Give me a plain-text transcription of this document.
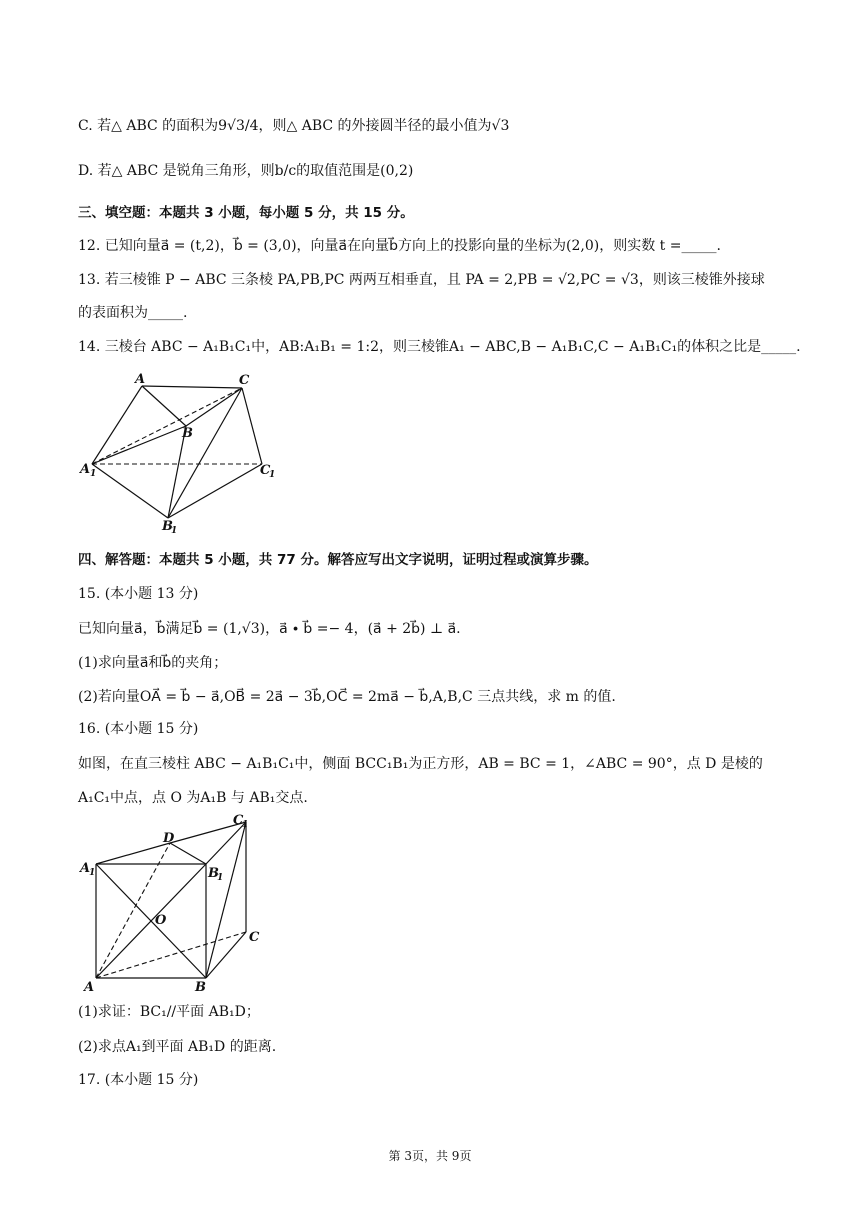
C. 若△ ABC 的面积为9√3/4，则△ ABC 的外接圆半径的最小值为√3
D. 若△ ABC 是锐角三角形，则b/c的取值范围是(0,2)
三、填空题：本题共 3 小题，每小题 5 分，共 15 分。
12. 已知向量a⃗ = (t,2)，b⃗ = (3,0)，向量a⃗在向量b⃗方向上的投影向量的坐标为(2,0)，则实数 t =_____.
13. 若三棱锥 P − ABC 三条棱 PA,PB,PC 两两互相垂直，且 PA = 2,PB = √2,PC = √3，则该三棱锥外接球
的表面积为_____.
14. 三棱台 ABC − A₁B₁C₁中，AB:A₁B₁ = 1:2，则三棱锥A₁ − ABC,B − A₁B₁C,C − A₁B₁C₁的体积之比是_____.
A
B
C
A 1
B
1
C
1
四、解答题：本题共 5 小题，共 77 分。解答应写出文字说明，证明过程或演算步骤。
15. (本小题 13 分)
已知向量a⃗，b⃗满足b⃗ = (1,√3)，a⃗ ∙ b⃗ =− 4，(a⃗ + 2b⃗) ⊥ a⃗.
(1)求向量a⃗和b⃗的夹角；
(2)若向量OA⃗ = b⃗ − a⃗,OB⃗ = 2a⃗ − 3b⃗,OC⃗ = 2ma⃗ − b⃗,A,B,C 三点共线，求 m 的值.
16. (本小题 15 分)
如图，在直三棱柱 ABC − A₁B₁C₁中，侧面 BCC₁B₁为正方形，AB = BC = 1，∠ABC = 90°，点 D 是棱的
A₁C₁中点，点 O 为A₁B 与 AB₁交点.
D
A
1	B
1
C
1
O
C
A	B
(1)求证：BC₁//平面 AB₁D；
(2)求点A₁到平面 AB₁D 的距离.
17. (本小题 15 分)
第 3页，共 9页
